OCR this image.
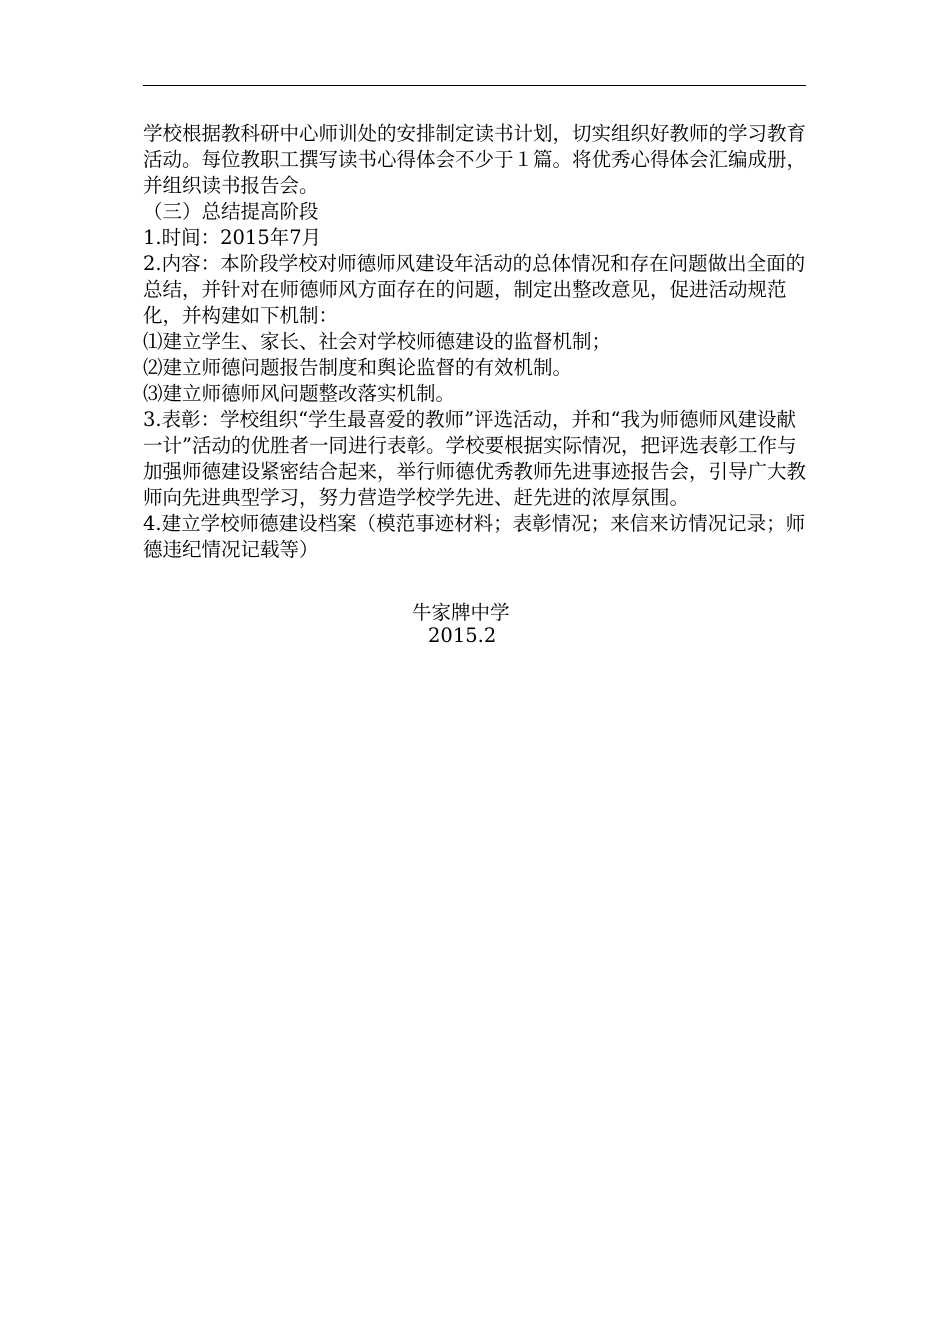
学校根据教科研中心师训处的安排制定读书计划，切实组织好教师的学习教育活动。每位教职工撰写读书心得体会不少于１篇。将优秀心得体会汇编成册，并组织读书报告会。

（三）总结提高阶段

1.时间：2015年7月

2.内容：本阶段学校对师德师风建设年活动的总体情况和存在问题做出全面的总结，并针对在师德师风方面存在的问题，制定出整改意见，促进活动规范化，并构建如下机制：

⑴建立学生、家长、社会对学校师德建设的监督机制；

⑵建立师德问题报告制度和舆论监督的有效机制。

⑶建立师德师风问题整改落实机制。

3.表彰：学校组织“学生最喜爱的教师”评选活动，并和“我为师德师风建设献一计”活动的优胜者一同进行表彰。学校要根据实际情况，把评选表彰工作与加强师德建设紧密结合起来，举行师德优秀教师先进事迹报告会，引导广大教师向先进典型学习，努力营造学校学先进、赶先进的浓厚氛围。

4.建立学校师德建设档案（模范事迹材料；表彰情况；来信来访情况记录；师德违纪情况记载等）

牛家牌中学
2015.2
